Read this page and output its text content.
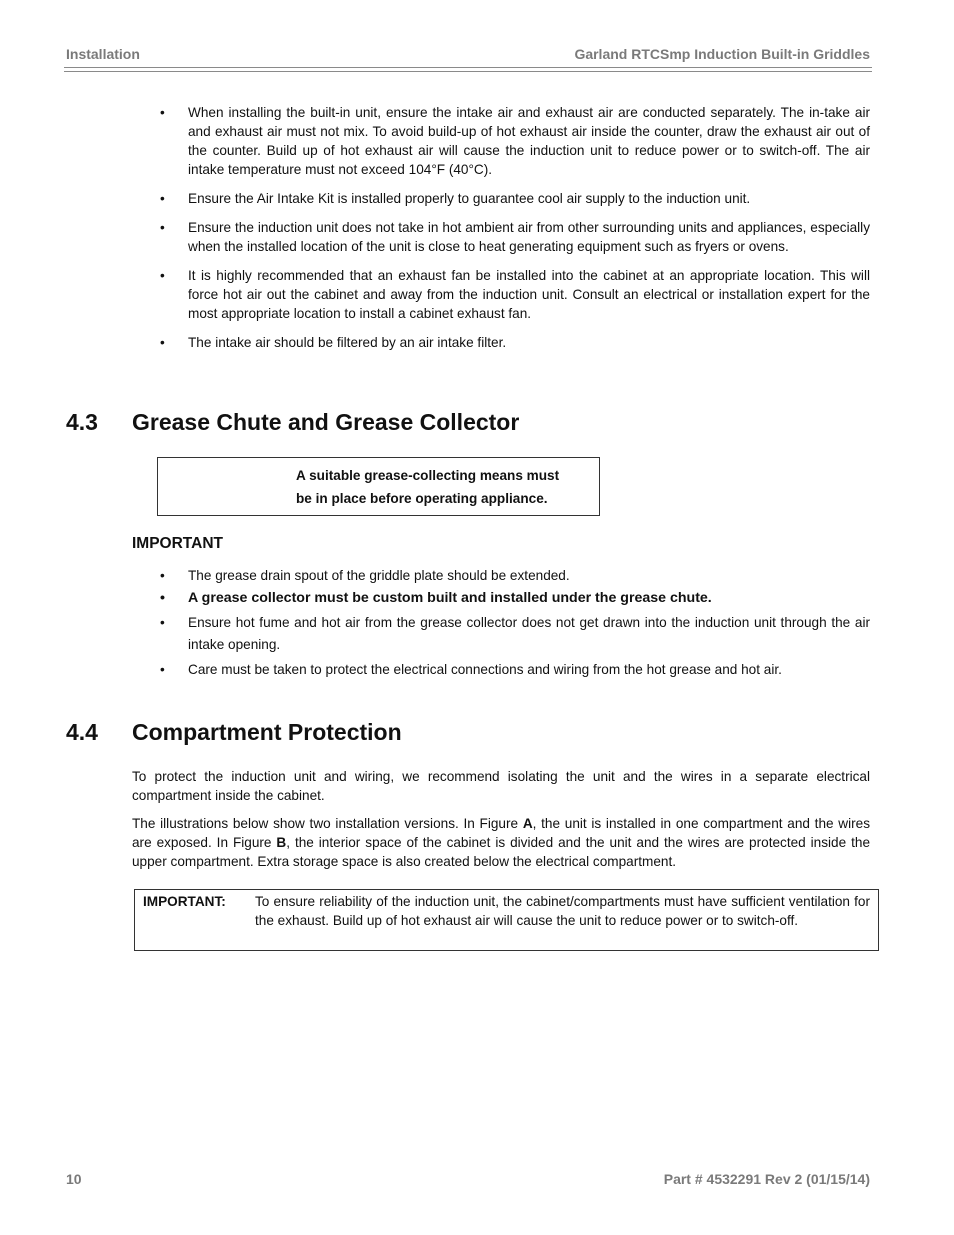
Installation	Garland RTCSmp Induction Built-in Griddles
• When installing the built-in unit, ensure the intake air and exhaust air are conducted separately. The in-take air and exhaust air must not mix. To avoid build-up of hot exhaust air inside the counter, draw the exhaust air out of the counter. Build up of hot exhaust air will cause the induction unit to reduce power or to switch-off. The air intake temperature must not exceed 104°F (40°C).
• Ensure the Air Intake Kit is installed properly to guarantee cool air supply to the induction unit.
• Ensure the induction unit does not take in hot ambient air from other surrounding units and appliances, especially when the installed location of the unit is close to heat generating equipment such as fryers or ovens.
• It is highly recommended that an exhaust fan be installed into the cabinet at an appropriate location. This will force hot air out the cabinet and away from the induction unit. Consult an electrical or installation expert for the most appropriate location to install a cabinet exhaust fan.
• The intake air should be filtered by an air intake filter.
4.3 Grease Chute and Grease Collector
A suitable grease-collecting means must
be in place before operating appliance.
IMPORTANT
• The grease drain spout of the griddle plate should be extended.
• A grease collector must be custom built and installed under the grease chute.
• Ensure hot fume and hot air from the grease collector does not get drawn into the induction unit through the air intake opening.
• Care must be taken to protect the electrical connections and wiring from the hot grease and hot air.
4.4 Compartment Protection

To protect the induction unit and wiring, we recommend isolating the unit and the wires in a separate electrical compartment inside the cabinet.

The illustrations below show two installation versions. In Figure A, the unit is installed in one compartment and the wires are exposed. In Figure B, the interior space of the cabinet is divided and the unit and the wires are protected inside the upper compartment. Extra storage space is also created below the electrical compartment.

IMPORTANT: To ensure reliability of the induction unit, the cabinet/compartments must have sufficient ventilation for the exhaust. Build up of hot exhaust air will cause the unit to reduce power or to switch-off.
10	Part # 4532291 Rev 2 (01/15/14)
